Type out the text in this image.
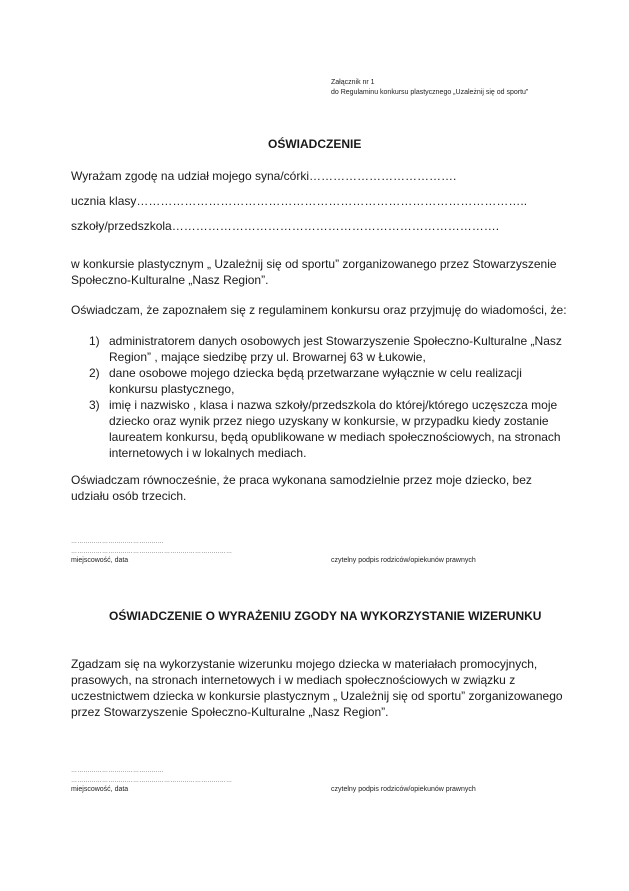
Załącznik nr 1
do Regulaminu konkursu plastycznego „Uzależnij się od sportu”
OŚWIADCZENIE
Wyrażam zgodę na udział mojego syna/córki……………………………….
ucznia klasy……………………………………………………………………………………..
szkoły/przedszkola……………………………………………………………………….
w konkursie plastycznym „ Uzależnij się od sportu” zorganizowanego przez Stowarzyszenie
Społeczno-Kulturalne „Nasz Region”.
Oświadczam, że zapoznałem się z regulaminem konkursu oraz przyjmuję do wiadomości, że:
1) administratorem danych osobowych jest Stowarzyszenie Społeczno-Kulturalne „Nasz
Region” , mające siedzibę przy ul. Browarnej 63 w Łukowie,
2) dane osobowe mojego dziecka będą przetwarzane wyłącznie w celu realizacji
konkursu plastycznego,
3) imię i nazwisko , klasa i nazwa szkoły/przedszkola do której/którego uczęszcza moje
dziecko oraz wynik przez niego uzyskany w konkursie, w przypadku kiedy zostanie
laureatem konkursu, będą opublikowane w mediach społecznościowych, na stronach
internetowych i w lokalnych mediach.
Oświadczam równocześnie, że praca wykonana samodzielnie przez moje dziecko, bez
udziału osób trzecich.
………………………………………
……………………………………………………………………
miejscowość, data	czytelny podpis rodziców/opiekunów prawnych
OŚWIADCZENIE O WYRAŻENIU ZGODY NA WYKORZYSTANIE WIZERUNKU
Zgadzam się na wykorzystanie wizerunku mojego dziecka w materiałach promocyjnych,
prasowych, na stronach internetowych i w mediach społecznościowych w związku z
uczestnictwem dziecka w konkursie plastycznym „ Uzależnij się od sportu” zorganizowanego
przez Stowarzyszenie Społeczno-Kulturalne „Nasz Region”.
………………………………………
……………………………………………………………………
miejscowość, data	czytelny podpis rodziców/opiekunów prawnych
